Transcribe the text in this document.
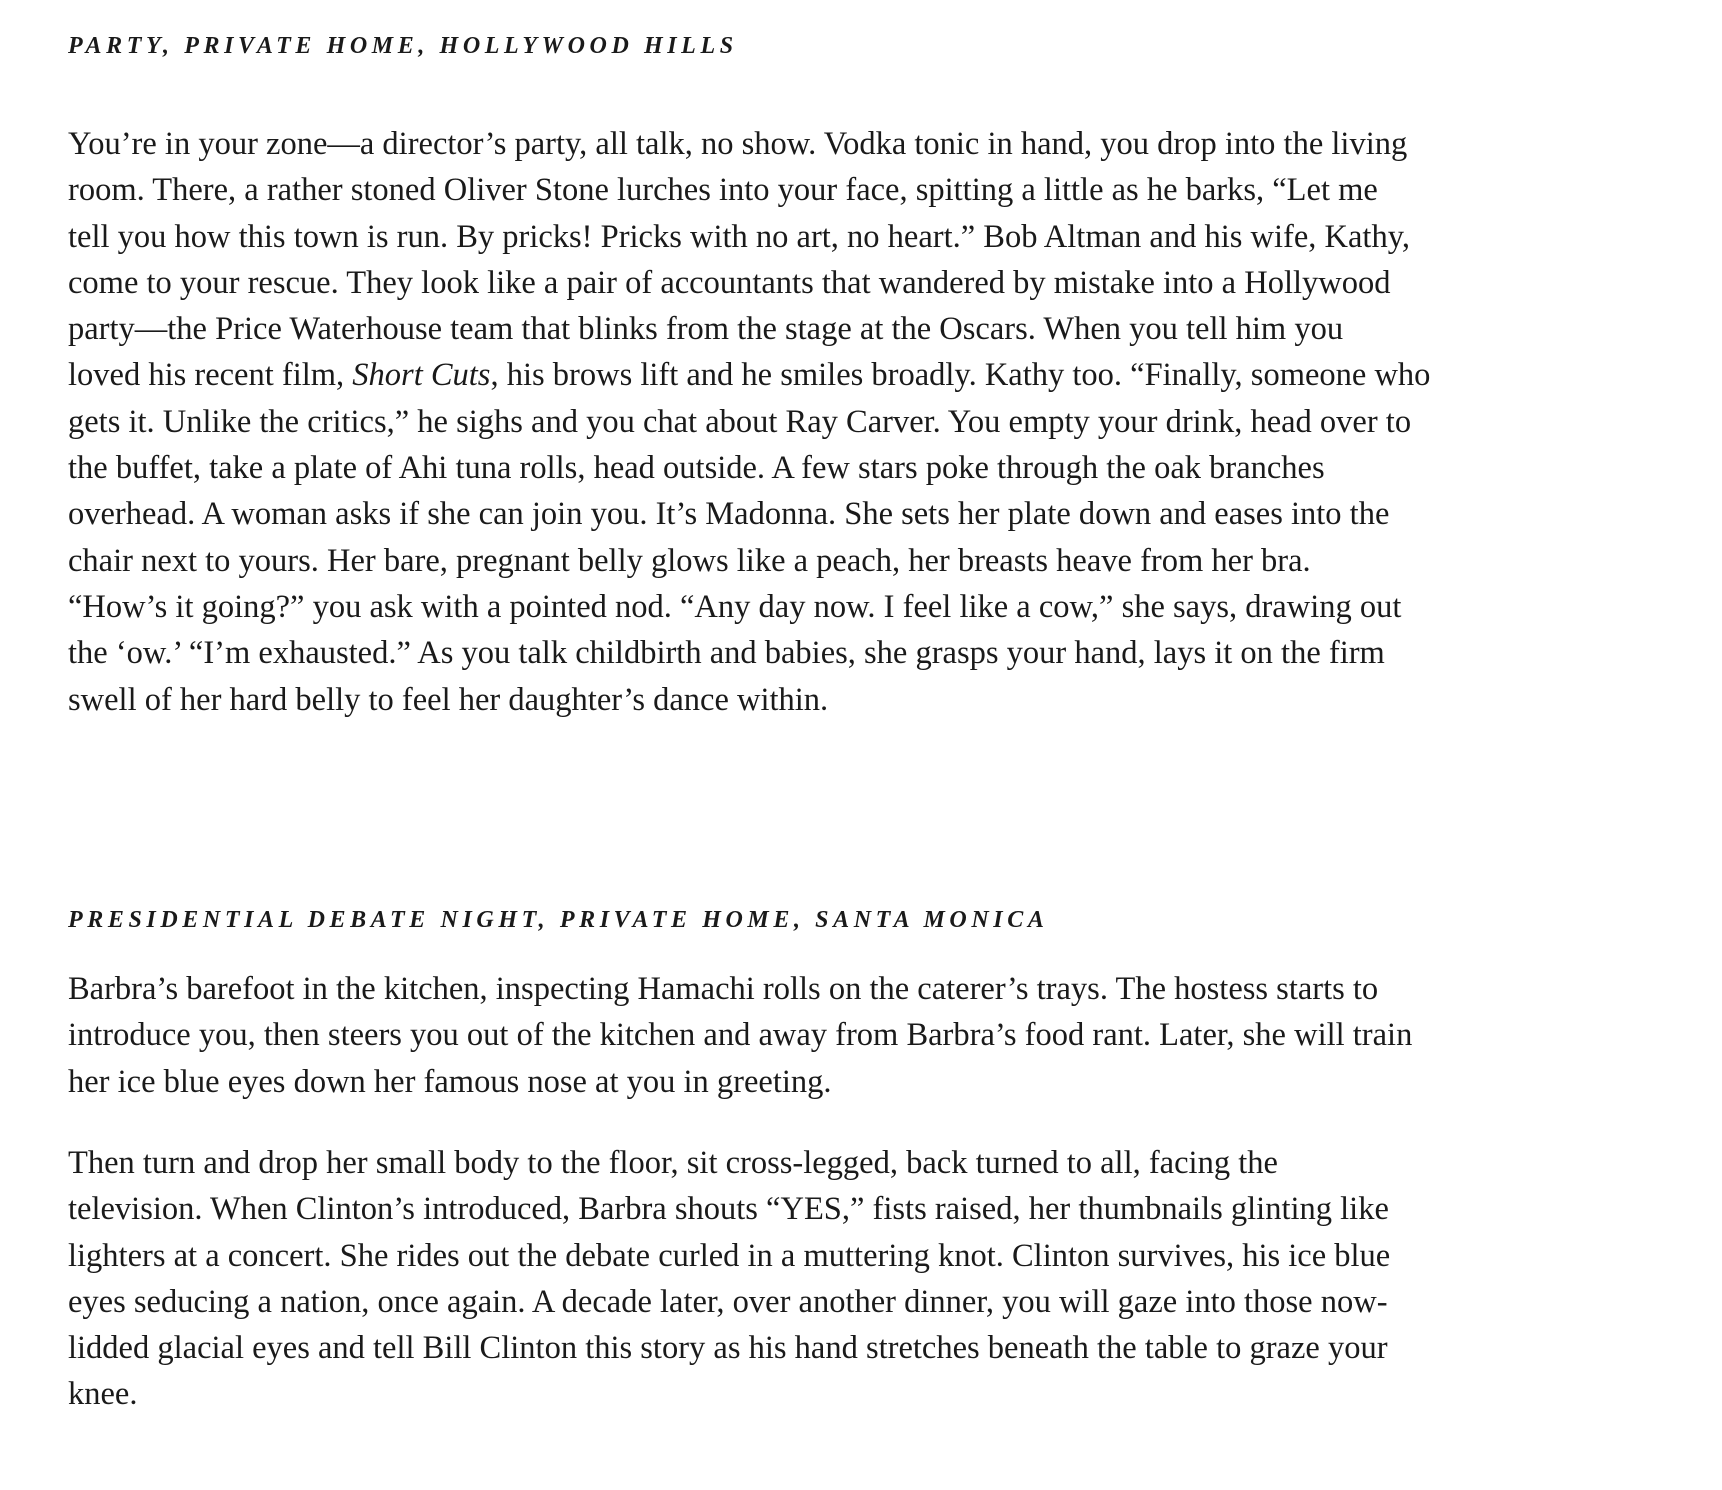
PARTY, PRIVATE HOME, HOLLYWOOD HILLS

You’re in your zone—a director’s party, all talk, no show. Vodka tonic in hand, you drop into the living
room. There, a rather stoned Oliver Stone lurches into your face, spitting a little as he barks, “Let me
tell you how this town is run. By pricks! Pricks with no art, no heart.” Bob Altman and his wife, Kathy,
come to your rescue. They look like a pair of accountants that wandered by mistake into a Hollywood
party—the Price Waterhouse team that blinks from the stage at the Oscars. When you tell him you
loved his recent film, Short Cuts, his brows lift and he smiles broadly. Kathy too. “Finally, someone who
gets it. Unlike the critics,” he sighs and you chat about Ray Carver. You empty your drink, head over to
the buffet, take a plate of Ahi tuna rolls, head outside. A few stars poke through the oak branches
overhead. A woman asks if she can join you. It’s Madonna. She sets her plate down and eases into the
chair next to yours. Her bare, pregnant belly glows like a peach, her breasts heave from her bra.
“How’s it going?” you ask with a pointed nod. “Any day now. I feel like a cow,” she says, drawing out
the ‘ow.’ “I’m exhausted.” As you talk childbirth and babies, she grasps your hand, lays it on the firm
swell of her hard belly to feel her daughter’s dance within.

PRESIDENTIAL DEBATE NIGHT, PRIVATE HOME, SANTA MONICA

Barbra’s barefoot in the kitchen, inspecting Hamachi rolls on the caterer’s trays. The hostess starts to
introduce you, then steers you out of the kitchen and away from Barbra’s food rant. Later, she will train
her ice blue eyes down her famous nose at you in greeting.

Then turn and drop her small body to the floor, sit cross-legged, back turned to all, facing the
television. When Clinton’s introduced, Barbra shouts “YES,” fists raised, her thumbnails glinting like
lighters at a concert. She rides out the debate curled in a muttering knot. Clinton survives, his ice blue
eyes seducing a nation, once again. A decade later, over another dinner, you will gaze into those now-
lidded glacial eyes and tell Bill Clinton this story as his hand stretches beneath the table to graze your
knee.
